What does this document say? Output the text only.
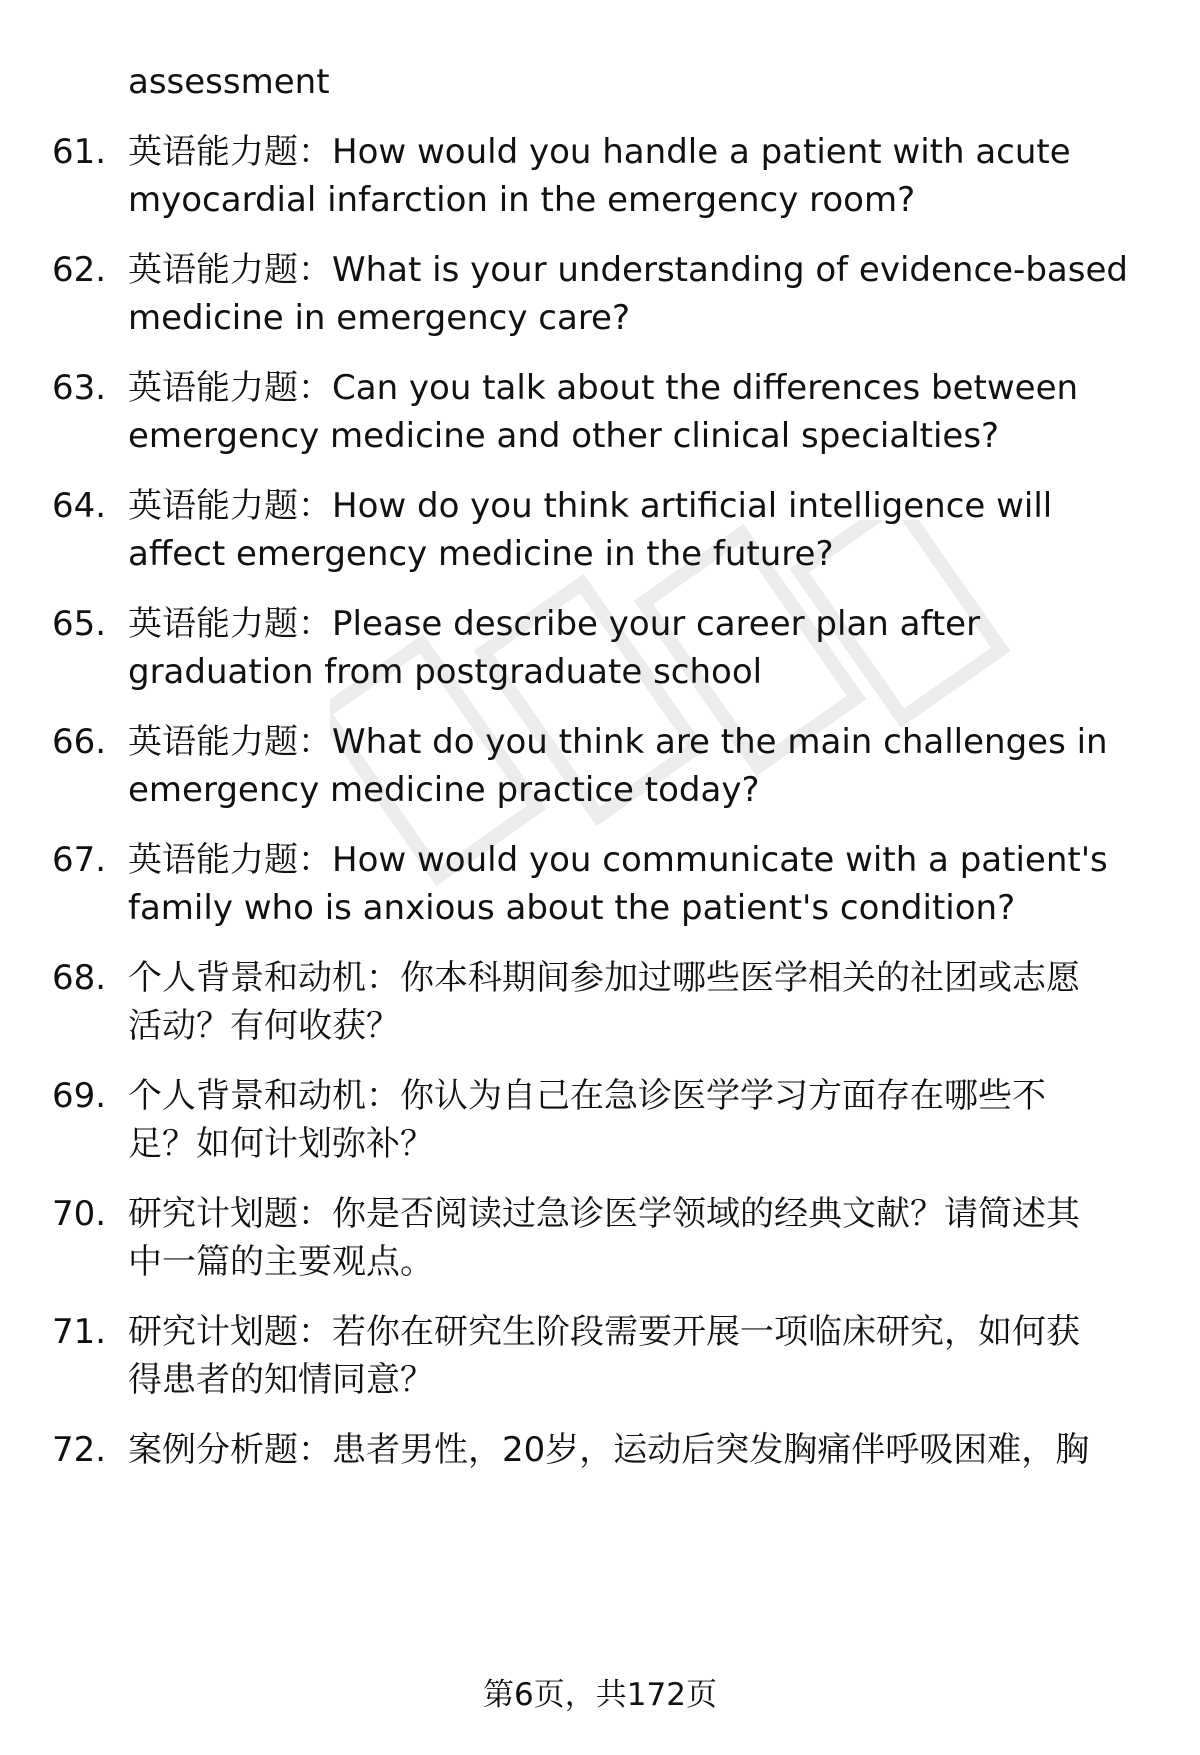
assessment
61. 英语能力题：How would you handle a patient with acute
myocardial infarction in the emergency room?
62. 英语能力题：What is your understanding of evidence-based
medicine in emergency care?
63. 英语能力题：Can you talk about the differences between
emergency medicine and other clinical specialties?
64. 英语能力题：How do you think artificial intelligence will
affect emergency medicine in the future?
65. 英语能力题：Please describe your career plan after
graduation from postgraduate school
66. 英语能力题：What do you think are the main challenges in
emergency medicine practice today?
67. 英语能力题：How would you communicate with a patient's
family who is anxious about the patient's condition?
68. 个人背景和动机：你本科期间参加过哪些医学相关的社团或志愿
活动？有何收获？
69. 个人背景和动机：你认为自己在急诊医学学习方面存在哪些不
足？如何计划弥补？
70. 研究计划题：你是否阅读过急诊医学领域的经典文献？请简述其
中一篇的主要观点。
71. 研究计划题：若你在研究生阶段需要开展一项临床研究，如何获
得患者的知情同意？
72. 案例分析题：患者男性，20岁，运动后突发胸痛伴呼吸困难，胸
第6页，共172页
